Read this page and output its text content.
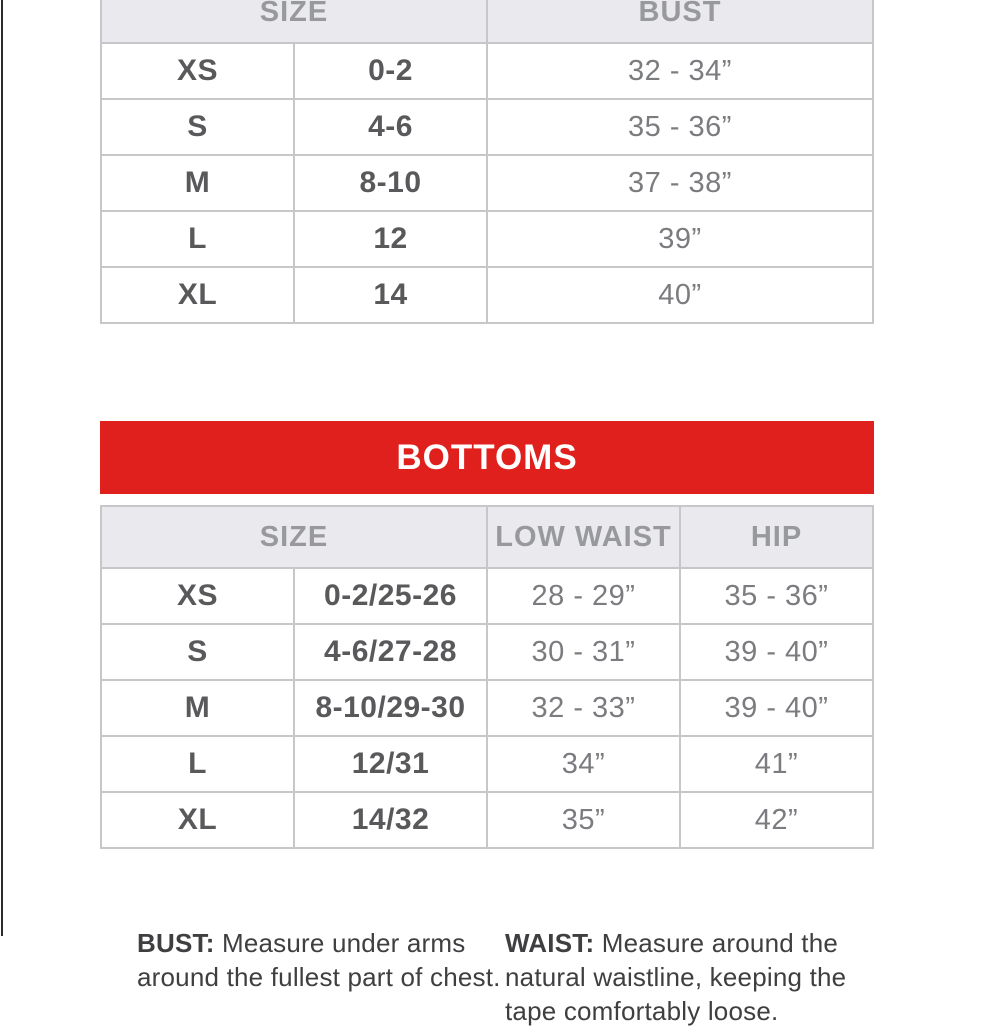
SIZE		BUST
XS	0-2	32 - 34”
S	4-6	35 - 36”
M	8-10	37 - 38”
L	12	39”
XL	14	40”
BOTTOMS
SIZE		LOW WAIST	HIP
XS	0-2/25-26	28 - 29”	35 - 36”
S	4-6/27-28	30 - 31”	39 - 40”
M	8-10/29-30	32 - 33”	39 - 40”
L	12/31	34”	41”
XL	14/32	35”	42”
BUST: Measure under arms
around the fullest part of chest.
WAIST: Measure around the
natural waistline, keeping the
tape comfortably loose.
